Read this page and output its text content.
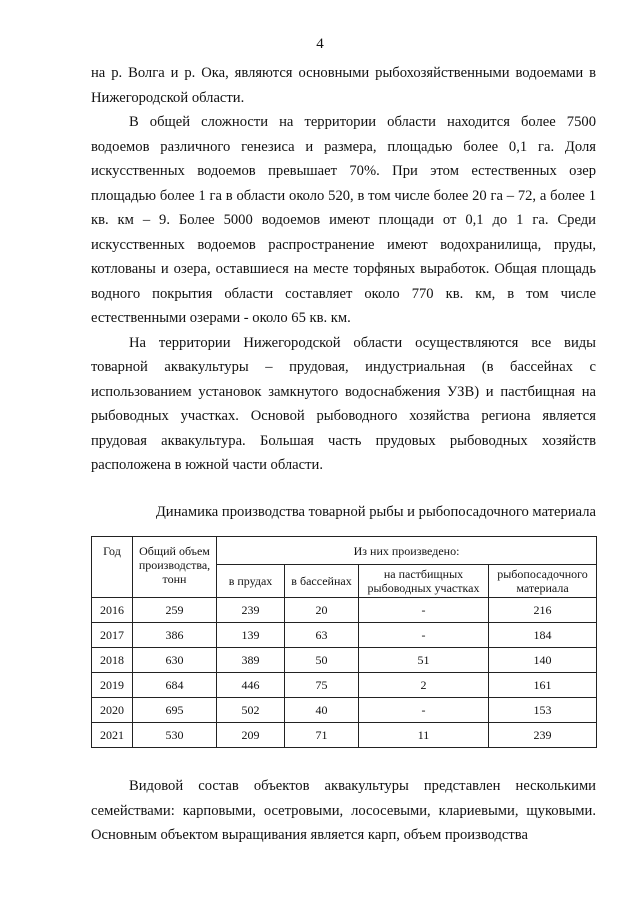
4

на р. Волга и р. Ока, являются основными рыбохозяйственными водоемами в Нижегородской области.

В общей сложности на территории области находится более 7500 водоемов различного генезиса и размера, площадью более 0,1 га. Доля искусственных водоемов превышает 70%. При этом естественных озер площадью более 1 га в области около 520, в том числе более 20 га – 72, а более 1 кв. км – 9. Более 5000 водоемов имеют площади от 0,1 до 1 га. Среди искусственных водоемов распространение имеют водохранилища, пруды, котлованы и озера, оставшиеся на месте торфяных выработок. Общая площадь водного покрытия области составляет около 770 кв. км, в том числе естественными озерами - около 65 кв. км.

На территории Нижегородской области осуществляются все виды товарной аквакультуры – прудовая, индустриальная (в бассейнах с использованием установок замкнутого водоснабжения УЗВ) и пастбищная на рыбоводных участках. Основой рыбоводного хозяйства региона является прудовая аквакультура. Большая часть прудовых рыбоводных хозяйств расположена в южной части области.

Динамика производства товарной рыбы и рыбопосадочного материала
Год	Общий объем производства, тонн	Из них произведено:			
		в прудах	в бассейнах	на пастбищных рыбоводных участках	рыбопосадочного материала
2016	259	239	20	-	216
2017	386	139	63	-	184
2018	630	389	50	51	140
2019	684	446	75	2	161
2020	695	502	40	-	153
2021	530	209	71	11	239

Видовой состав объектов аквакультуры представлен несколькими семействами: карповыми, осетровыми, лососевыми, клариевыми, щуковыми. Основным объектом выращивания является карп, объем производства
